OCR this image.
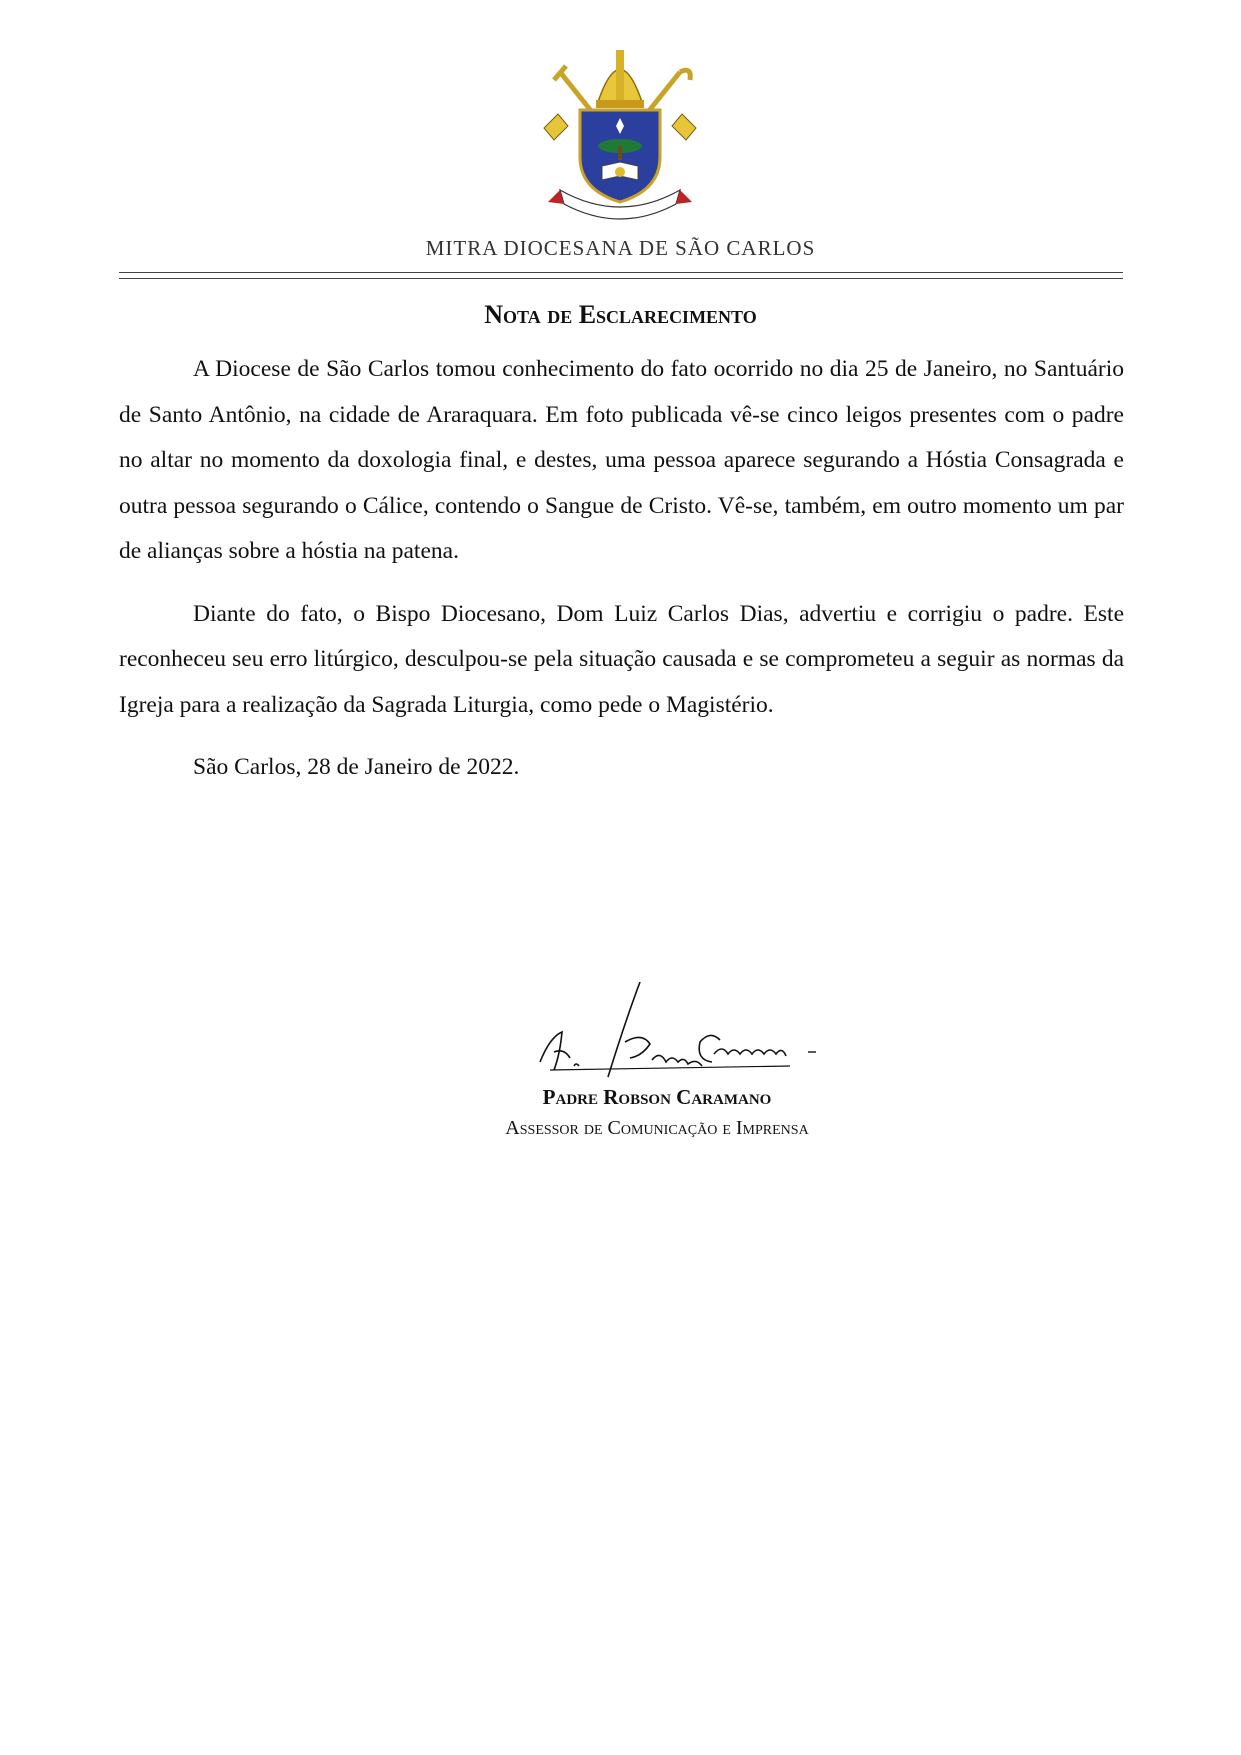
MITRA DIOCESANA DE SÃO CARLOS
Nota de Esclarecimento

A Diocese de São Carlos tomou conhecimento do fato ocorrido no dia 25 de Janeiro, no Santuário de Santo Antônio, na cidade de Araraquara. Em foto publicada vê-se cinco leigos presentes com o padre no altar no momento da doxologia final, e destes, uma pessoa aparece segurando a Hóstia Consagrada e outra pessoa segurando o Cálice, contendo o Sangue de Cristo. Vê-se, também, em outro momento um par de alianças sobre a hóstia na patena.

Diante do fato, o Bispo Diocesano, Dom Luiz Carlos Dias, advertiu e corrigiu o padre. Este reconheceu seu erro litúrgico, desculpou-se pela situação causada e se comprometeu a seguir as normas da Igreja para a realização da Sagrada Liturgia, como pede o Magistério.

São Carlos, 28 de Janeiro de 2022.

Padre Robson Caramano
Assessor de Comunicação e Imprensa
